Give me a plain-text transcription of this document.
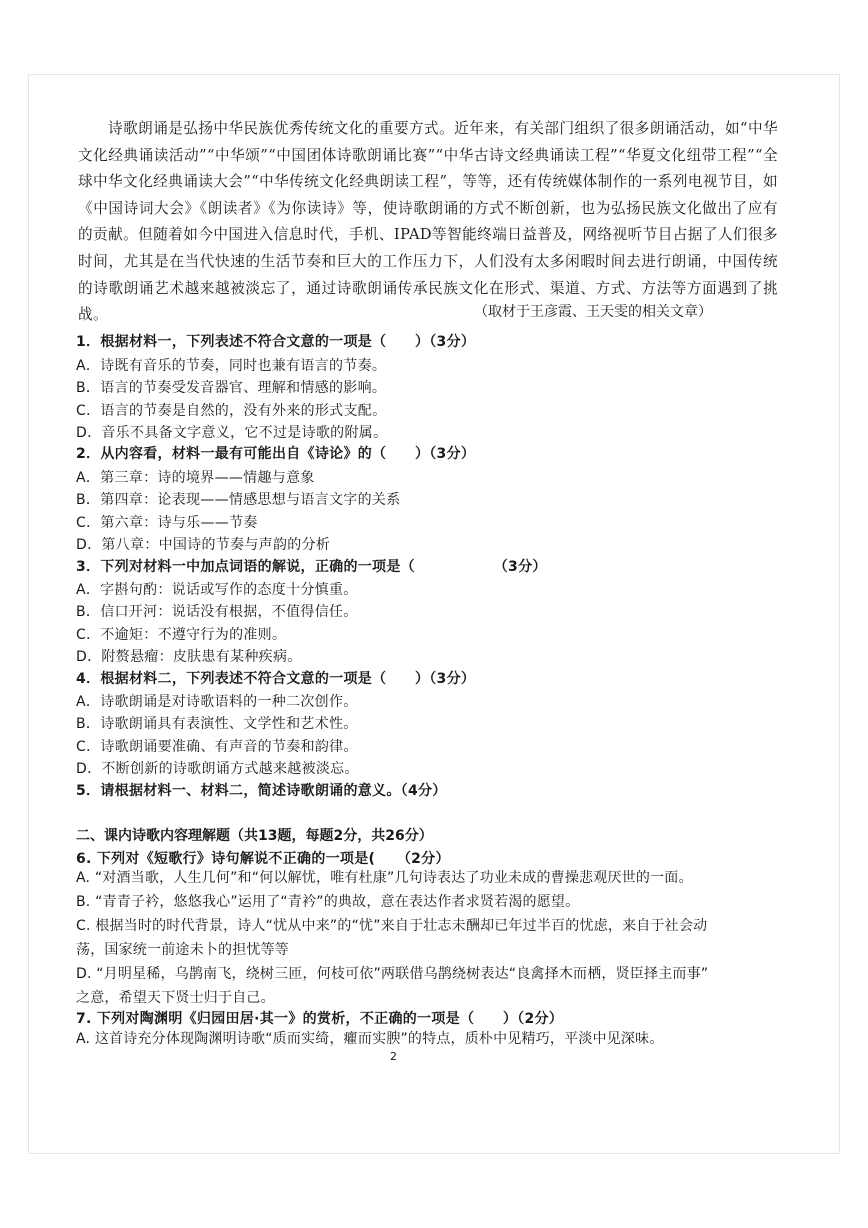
诗歌朗诵是弘扬中华民族优秀传统文化的重要方式。近年来，有关部门组织了很多朗诵活动，如“中华文化经典诵读活动”“中华颂”“中国团体诗歌朗诵比赛”“中华古诗文经典诵读工程”“华夏文化纽带工程”“全球中华文化经典诵读大会”“中华传统文化经典朗读工程”，等等，还有传统媒体制作的一系列电视节目，如《中国诗词大会》《朗读者》《为你读诗》等，使诗歌朗诵的方式不断创新，也为弘扬民族文化做出了应有的贡献。但随着如今中国进入信息时代，手机、IPAD等智能终端日益普及，网络视听节目占据了人们很多时间，尤其是在当代快速的生活节奏和巨大的工作压力下，人们没有太多闲暇时间去进行朗诵，中国传统的诗歌朗诵艺术越来越被淡忘了，通过诗歌朗诵传承民族文化在形式、渠道、方式、方法等方面遇到了挑战。	（取材于王彦霞、王天雯的相关文章）
1．根据材料一，下列表述不符合文意的一项是（　　）（3分）
A．诗既有音乐的节奏，同时也兼有语言的节奏。
B．语言的节奏受发音器官、理解和情感的影响。
C．语言的节奏是自然的，没有外来的形式支配。
D．音乐不具备文字意义，它不过是诗歌的附属。
2．从内容看，材料一最有可能出自《诗论》的（　　）（3分）
A．第三章：诗的境界——情趣与意象
B．第四章：论表现——情感思想与语言文字的关系
C．第六章：诗与乐——节奏
D．第八章：中国诗的节奏与声韵的分析
3．下列对材料一中加点词语的解说，正确的一项是（　　　　　　（3分）
A．字斟句酌：说话或写作的态度十分慎重。
B．信口开河：说话没有根据，不值得信任。
C．不逾矩：不遵守行为的准则。
D．附赘悬瘤：皮肤患有某种疾病。
4．根据材料二，下列表述不符合文意的一项是（　　）（3分）
A．诗歌朗诵是对诗歌语料的一种二次创作。
B．诗歌朗诵具有表演性、文学性和艺术性。
C．诗歌朗诵要准确、有声音的节奏和韵律。
D．不断创新的诗歌朗诵方式越来越被淡忘。
5．请根据材料一、材料二，简述诗歌朗诵的意义。（4分）
二、课内诗歌内容理解题（共13题，每题2分，共26分）
6. 下列对《短歌行》诗句解说不正确的一项是(　　（2分）
A. “对酒当歌，人生几何”和“何以解忧，唯有杜康”几句诗表达了功业未成的曹操悲观厌世的一面。
B. “青青子衿，悠悠我心”运用了“青衿”的典故，意在表达作者求贤若渴的愿望。
C. 根据当时的时代背景，诗人“忧从中来”的“忧”来自于壮志未酬却已年过半百的忧虑，来自于社会动
荡，国家统一前途未卜的担忧等等
D. “月明星稀，乌鹊南飞，绕树三匝，何枝可依”两联借乌鹊绕树表达“良禽择木而栖，贤臣择主而事”
之意，希望天下贤士归于自己。
7. 下列对陶渊明《归园田居·其一》的赏析，不正确的一项是（　　）（2分）
A. 这首诗充分体现陶渊明诗歌“质而实绮，癯而实腴”的特点，质朴中见精巧，平淡中见深味。
2
